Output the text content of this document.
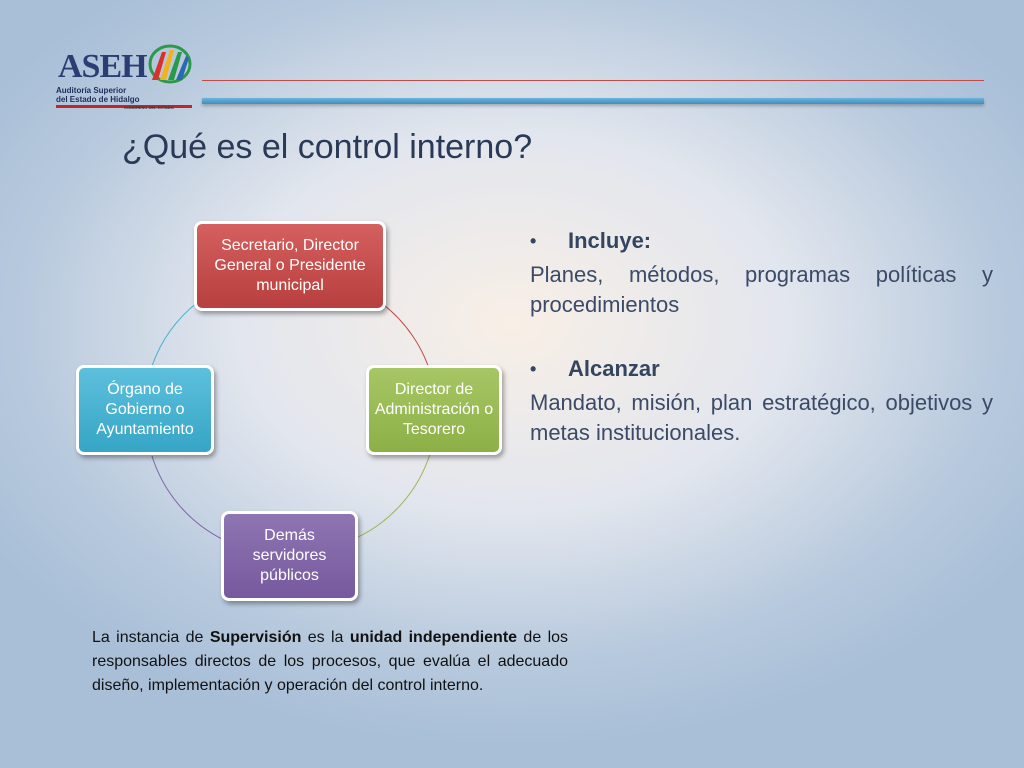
ASEH
Auditoría Superior
del Estado de Hidalgo
CONGRESO DEL ESTADO
¿Qué es el control interno?
Secretario, Director General o Presidente municipal
Director de Administración o Tesorero
Demás servidores públicos
Órgano de Gobierno o Ayuntamiento
•	Incluye:
Planes, métodos, programas políticas y procedimientos
•	Alcanzar
Mandato, misión, plan estratégico, objetivos y metas institucionales.
La instancia de Supervisión es la unidad independiente de los responsables directos de los procesos, que evalúa el adecuado diseño, implementación y operación del control interno.
